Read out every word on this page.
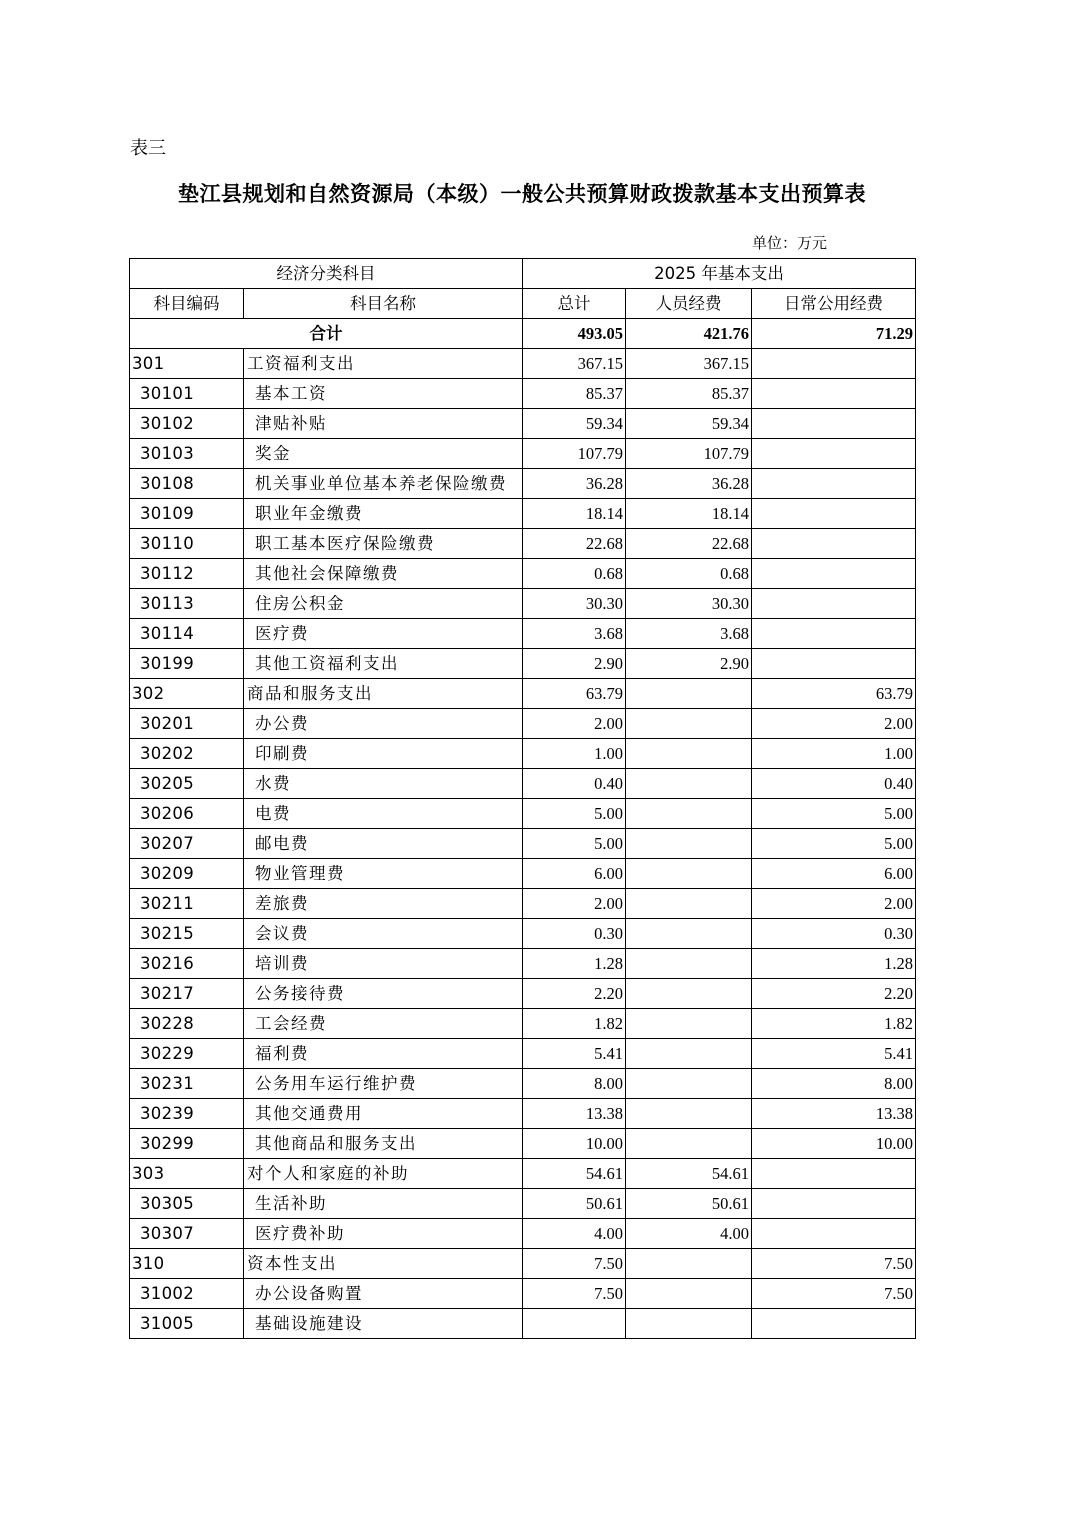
表三
垫江县规划和自然资源局（本级）一般公共预算财政拨款基本支出预算表
单位：万元
经济分类科目		2025 年基本支出		
科目编码	科目名称	总计	人员经费	日常公用经费
合计		493.05	421.76	71.29
301	工资福利支出	367.15	367.15	
30101	基本工资	85.37	85.37	
30102	津贴补贴	59.34	59.34	
30103	奖金	107.79	107.79	
30108	机关事业单位基本养老保险缴费	36.28	36.28	
30109	职业年金缴费	18.14	18.14	
30110	职工基本医疗保险缴费	22.68	22.68	
30112	其他社会保障缴费	0.68	0.68	
30113	住房公积金	30.30	30.30	
30114	医疗费	3.68	3.68	
30199	其他工资福利支出	2.90	2.90	
302	商品和服务支出	63.79		63.79
30201	办公费	2.00		2.00
30202	印刷费	1.00		1.00
30205	水费	0.40		0.40
30206	电费	5.00		5.00
30207	邮电费	5.00		5.00
30209	物业管理费	6.00		6.00
30211	差旅费	2.00		2.00
30215	会议费	0.30		0.30
30216	培训费	1.28		1.28
30217	公务接待费	2.20		2.20
30228	工会经费	1.82		1.82
30229	福利费	5.41		5.41
30231	公务用车运行维护费	8.00		8.00
30239	其他交通费用	13.38		13.38
30299	其他商品和服务支出	10.00		10.00
303	对个人和家庭的补助	54.61	54.61	
30305	生活补助	50.61	50.61	
30307	医疗费补助	4.00	4.00	
310	资本性支出	7.50		7.50
31002	办公设备购置	7.50		7.50
31005	基础设施建设			
